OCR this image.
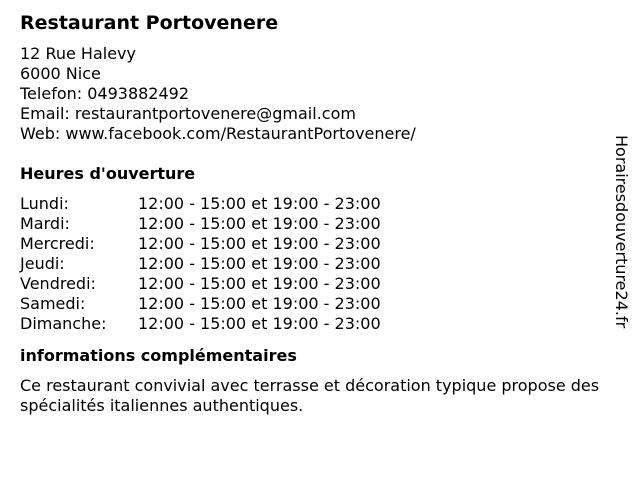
Restaurant Portovenere
12 Rue Halevy
6000 Nice
Telefon: 0493882492
Email: restaurantportovenere@gmail.com
Web: www.facebook.com/RestaurantPortovenere/
Heures d'ouverture
Lundi:	12:00 - 15:00 et 19:00 - 23:00
Mardi:	12:00 - 15:00 et 19:00 - 23:00
Mercredi:	12:00 - 15:00 et 19:00 - 23:00
Jeudi:	12:00 - 15:00 et 19:00 - 23:00
Vendredi:	12:00 - 15:00 et 19:00 - 23:00
Samedi:	12:00 - 15:00 et 19:00 - 23:00
Dimanche:	12:00 - 15:00 et 19:00 - 23:00
informations complémentaires
Ce restaurant convivial avec terrasse et décoration typique propose des spécialités italiennes authentiques.
Horairesdouverture24.fr
